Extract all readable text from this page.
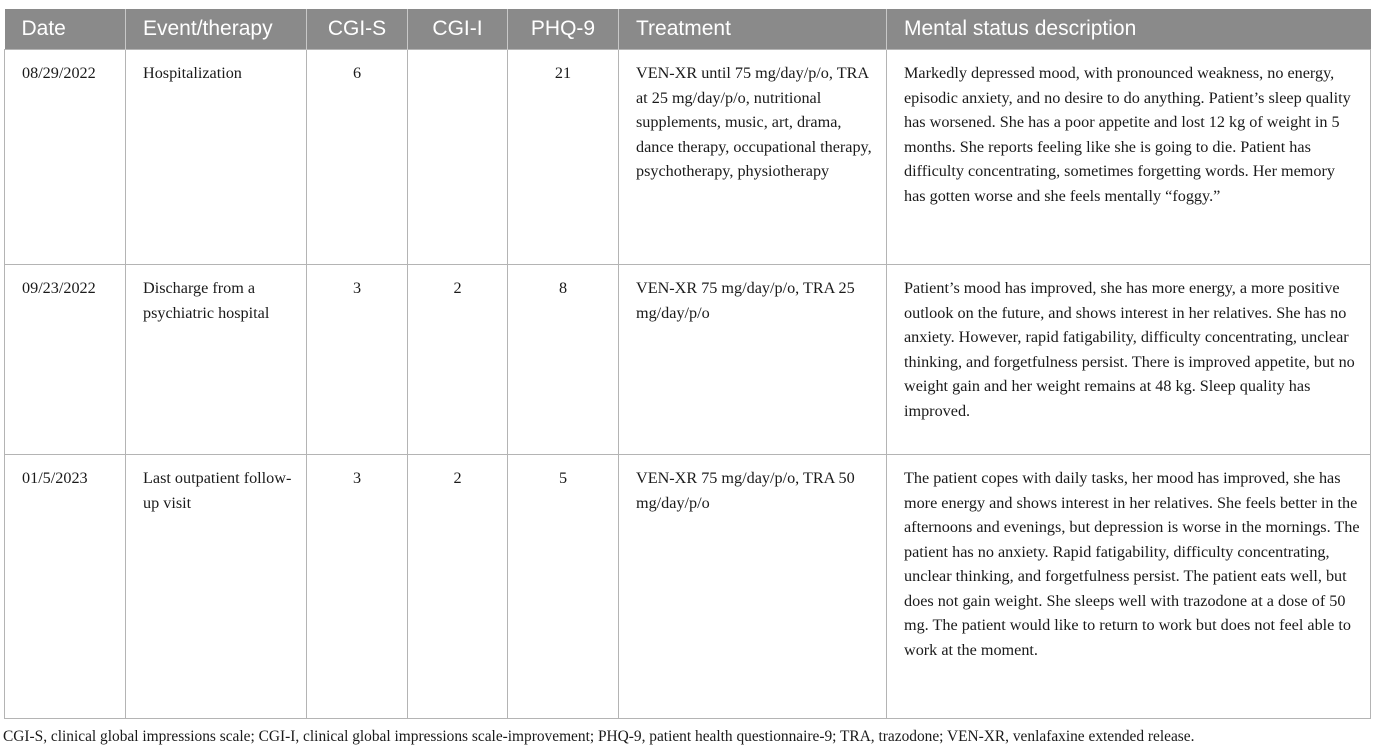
Date	Event/therapy	CGI-S	CGI-I	PHQ-9	Treatment	Mental status description
08/29/2022	Hospitalization	6		21	VEN-XR until 75 mg/day/p/o, TRA at 25 mg/day/p/o, nutritional supplements, music, art, drama, dance therapy, occupational therapy, psychotherapy, physiotherapy	Markedly depressed mood, with pronounced weakness, no energy, episodic anxiety, and no desire to do anything. Patient’s sleep quality has worsened. She has a poor appetite and lost 12 kg of weight in 5 months. She reports feeling like she is going to die. Patient has difficulty concentrating, sometimes forgetting words. Her memory has gotten worse and she feels mentally “foggy.”
09/23/2022	Discharge from a psychiatric hospital	3	2	8	VEN-XR 75 mg/day/p/o, TRA 25 mg/day/p/o	Patient’s mood has improved, she has more energy, a more positive outlook on the future, and shows interest in her relatives. She has no anxiety. However, rapid fatigability, difficulty concentrating, unclear thinking, and forgetfulness persist. There is improved appetite, but no weight gain and her weight remains at 48 kg. Sleep quality has improved.
01/5/2023	Last outpatient follow-up visit	3	2	5	VEN-XR 75 mg/day/p/o, TRA 50 mg/day/p/o	The patient copes with daily tasks, her mood has improved, she has more energy and shows interest in her relatives. She feels better in the afternoons and evenings, but depression is worse in the mornings. The patient has no anxiety. Rapid fatigability, difficulty concentrating, unclear thinking, and forgetfulness persist. The patient eats well, but does not gain weight. She sleeps well with trazodone at a dose of 50 mg. The patient would like to return to work but does not feel able to work at the moment.
CGI-S, clinical global impressions scale; CGI-I, clinical global impressions scale-improvement; PHQ-9, patient health questionnaire-9; TRA, trazodone; VEN-XR, venlafaxine extended release.
